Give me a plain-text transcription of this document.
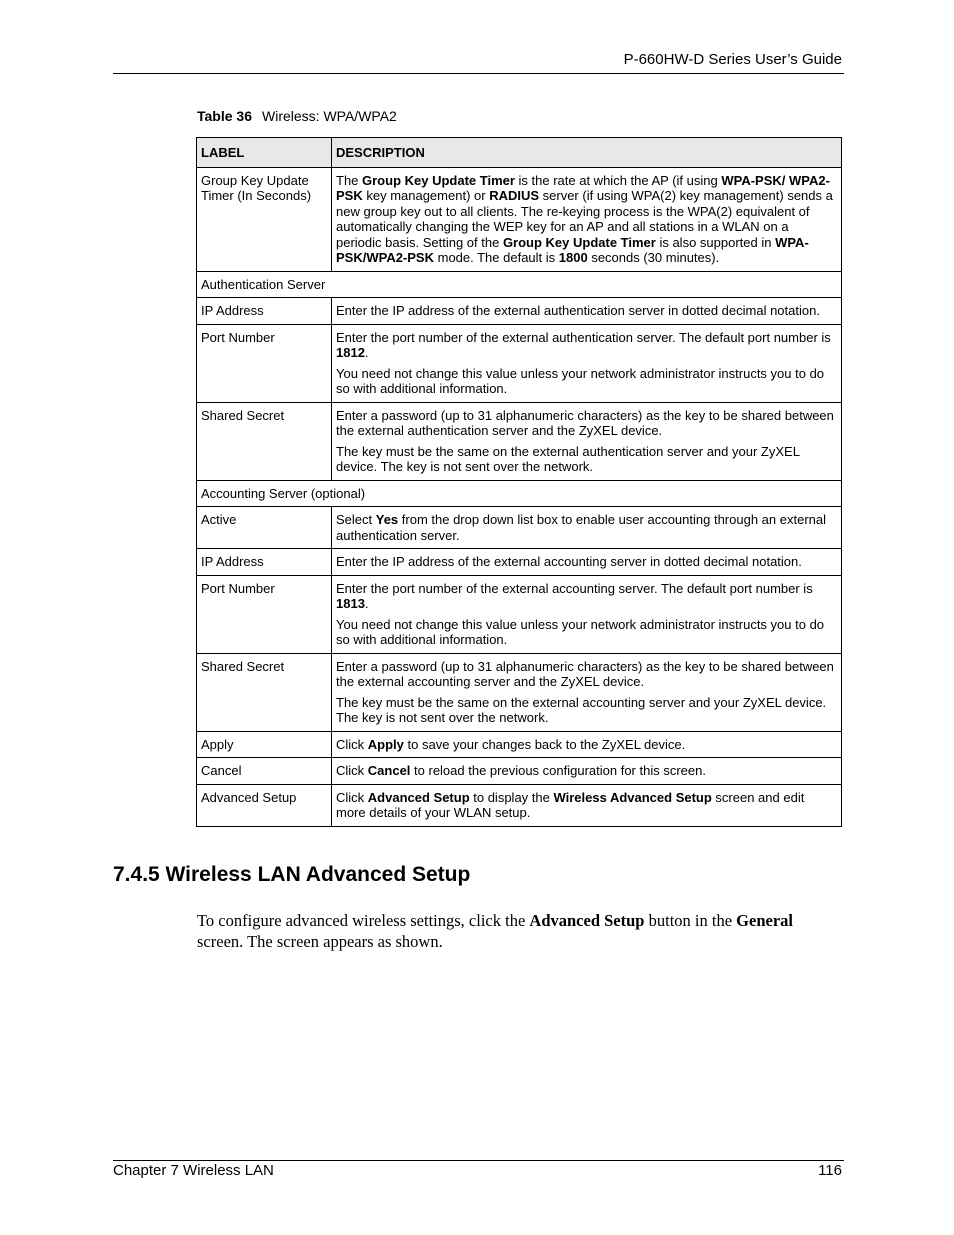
P-660HW-D Series User’s Guide
Table 36 Wireless: WPA/WPA2
LABEL	DESCRIPTION
Group Key Update Timer (In Seconds)	The Group Key Update Timer is the rate at which the AP (if using WPA-PSK/ WPA2-PSK key management) or RADIUS server (if using WPA(2) key management) sends a new group key out to all clients. The re-keying process is the WPA(2) equivalent of automatically changing the WEP key for an AP and all stations in a WLAN on a periodic basis. Setting of the Group Key Update Timer is also supported in WPA-PSK/WPA2-PSK mode. The default is 1800 seconds (30 minutes).

Authentication Server	
IP Address	Enter the IP address of the external authentication server in dotted decimal notation.

Port Number	Enter the port number of the external authentication server. The default port number is 1812.

You need not change this value unless your network administrator instructs you to do so with additional information.

Shared Secret	Enter a password (up to 31 alphanumeric characters) as the key to be shared between the external authentication server and the ZyXEL device.

The key must be the same on the external authentication server and your ZyXEL device. The key is not sent over the network.

Accounting Server (optional)	
Active	Select Yes from the drop down list box to enable user accounting through an external authentication server.

IP Address	Enter the IP address of the external accounting server in dotted decimal notation.

Port Number	Enter the port number of the external accounting server. The default port number is 1813.

You need not change this value unless your network administrator instructs you to do so with additional information.

Shared Secret	Enter a password (up to 31 alphanumeric characters) as the key to be shared between the external accounting server and the ZyXEL device.

The key must be the same on the external accounting server and your ZyXEL device. The key is not sent over the network.

Apply	Click Apply to save your changes back to the ZyXEL device.

Cancel	Click Cancel to reload the previous configuration for this screen.

Advanced Setup	Click Advanced Setup to display the Wireless Advanced Setup screen and edit more details of your WLAN setup.

7.4.5 Wireless LAN Advanced Setup
To configure advanced wireless settings, click the Advanced Setup button in the General screen. The screen appears as shown.
Chapter 7 Wireless LAN	116
